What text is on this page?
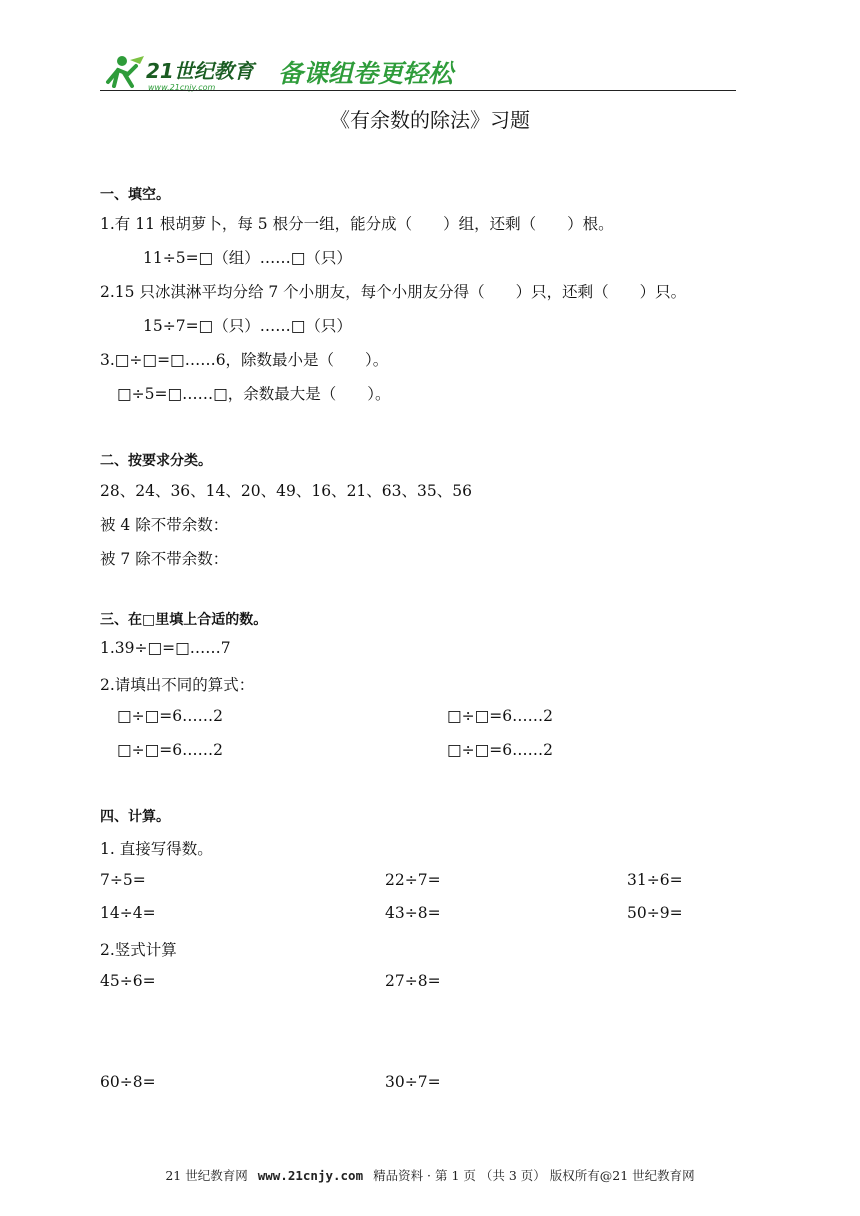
21世纪教育
www.21cnjy.com	备课组卷更轻松
《有余数的除法》习题
一、填空。
1.有 11 根胡萝卜，每 5 根分一组，能分成（　　）组，还剩（　　）根。
11÷5=□（组）……□（只）
2.15 只冰淇淋平均分给 7 个小朋友，每个小朋友分得（　　）只，还剩（　　）只。
15÷7=□（只）……□（只）
3.□÷□=□……6，除数最小是（　　）。
□÷5=□……□，余数最大是（　　）。
二、按要求分类。
28、24、36、14、20、49、16、21、63、35、56
被 4 除不带余数：
被 7 除不带余数：
三、在□里填上合适的数。
1.39÷□=□……7
2.请填出不同的算式：
□÷□=6……2	□÷□=6……2
□÷□=6……2	□÷□=6……2
四、计算。
1. 直接写得数。
7÷5=	22÷7=	31÷6=
14÷4=	43÷8=	50÷9=
2.竖式计算
45÷6=	27÷8=
60÷8=	30÷7=
21 世纪教育网 www.21cnjy.com 精品资料 · 第 1 页 （共 3 页） 版权所有@21 世纪教育网
